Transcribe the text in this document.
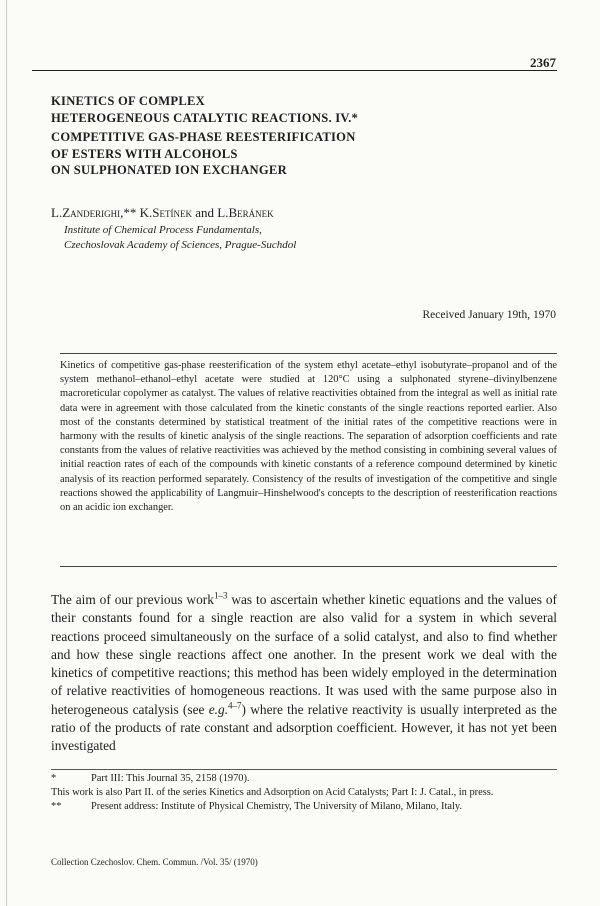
2367
KINETICS OF COMPLEX
HETEROGENEOUS CATALYTIC REACTIONS. IV.*
COMPETITIVE GAS-PHASE REESTERIFICATION
OF ESTERS WITH ALCOHOLS
ON SULPHONATED ION EXCHANGER
L.Zanderighi,** K.Setínek and L.Beránek
Institute of Chemical Process Fundamentals,
Czechoslovak Academy of Sciences, Prague-Suchdol
Received January 19th, 1970
Kinetics of competitive gas-phase reesterification of the system ethyl acetate–ethyl isobutyrate–propanol and of the system methanol–ethanol–ethyl acetate were studied at 120°C using a sulphonated styrene–divinylbenzene macroreticular copolymer as catalyst. The values of relative reactivities obtained from the integral as well as initial rate data were in agreement with those calculated from the kinetic constants of the single reactions reported earlier. Also most of the constants determined by statistical treatment of the initial rates of the competitive reactions were in harmony with the results of kinetic analysis of the single reactions. The separation of adsorption coefficients and rate constants from the values of relative reactivities was achieved by the method consisting in combining several values of initial reaction rates of each of the compounds with kinetic constants of a reference compound determined by kinetic analysis of its reaction performed separately. Consistency of the results of investigation of the competitive and single reactions showed the applicability of Langmuir–Hinshelwood's concepts to the description of reesterification reactions on an acidic ion exchanger.
The aim of our previous work$^{1-3}$ was to ascertain whether kinetic equations and the values of their constants found for a single reaction are also valid for a system in which several reactions proceed simultaneously on the surface of a solid catalyst, and also to find whether and how these single reactions affect one another. In the present work we deal with the kinetics of competitive reactions; this method has been widely employed in the determination of relative reactivities of homogeneous reactions. It was used with the same purpose also in heterogeneous catalysis (see e.g.$^{4-7}$) where the relative reactivity is usually interpreted as the ratio of the products of rate constant and adsorption coefficient. However, it has not yet been investigated
*	Part III: This Journal 35, 2158 (1970).
This work is also Part II. of the series Kinetics and Adsorption on Acid Catalysts; Part I: J. Catal., in press.
**	Present address: Institute of Physical Chemistry, The University of Milano, Milano, Italy.
Collection Czechoslov. Chem. Commun. /Vol. 35/ (1970)
